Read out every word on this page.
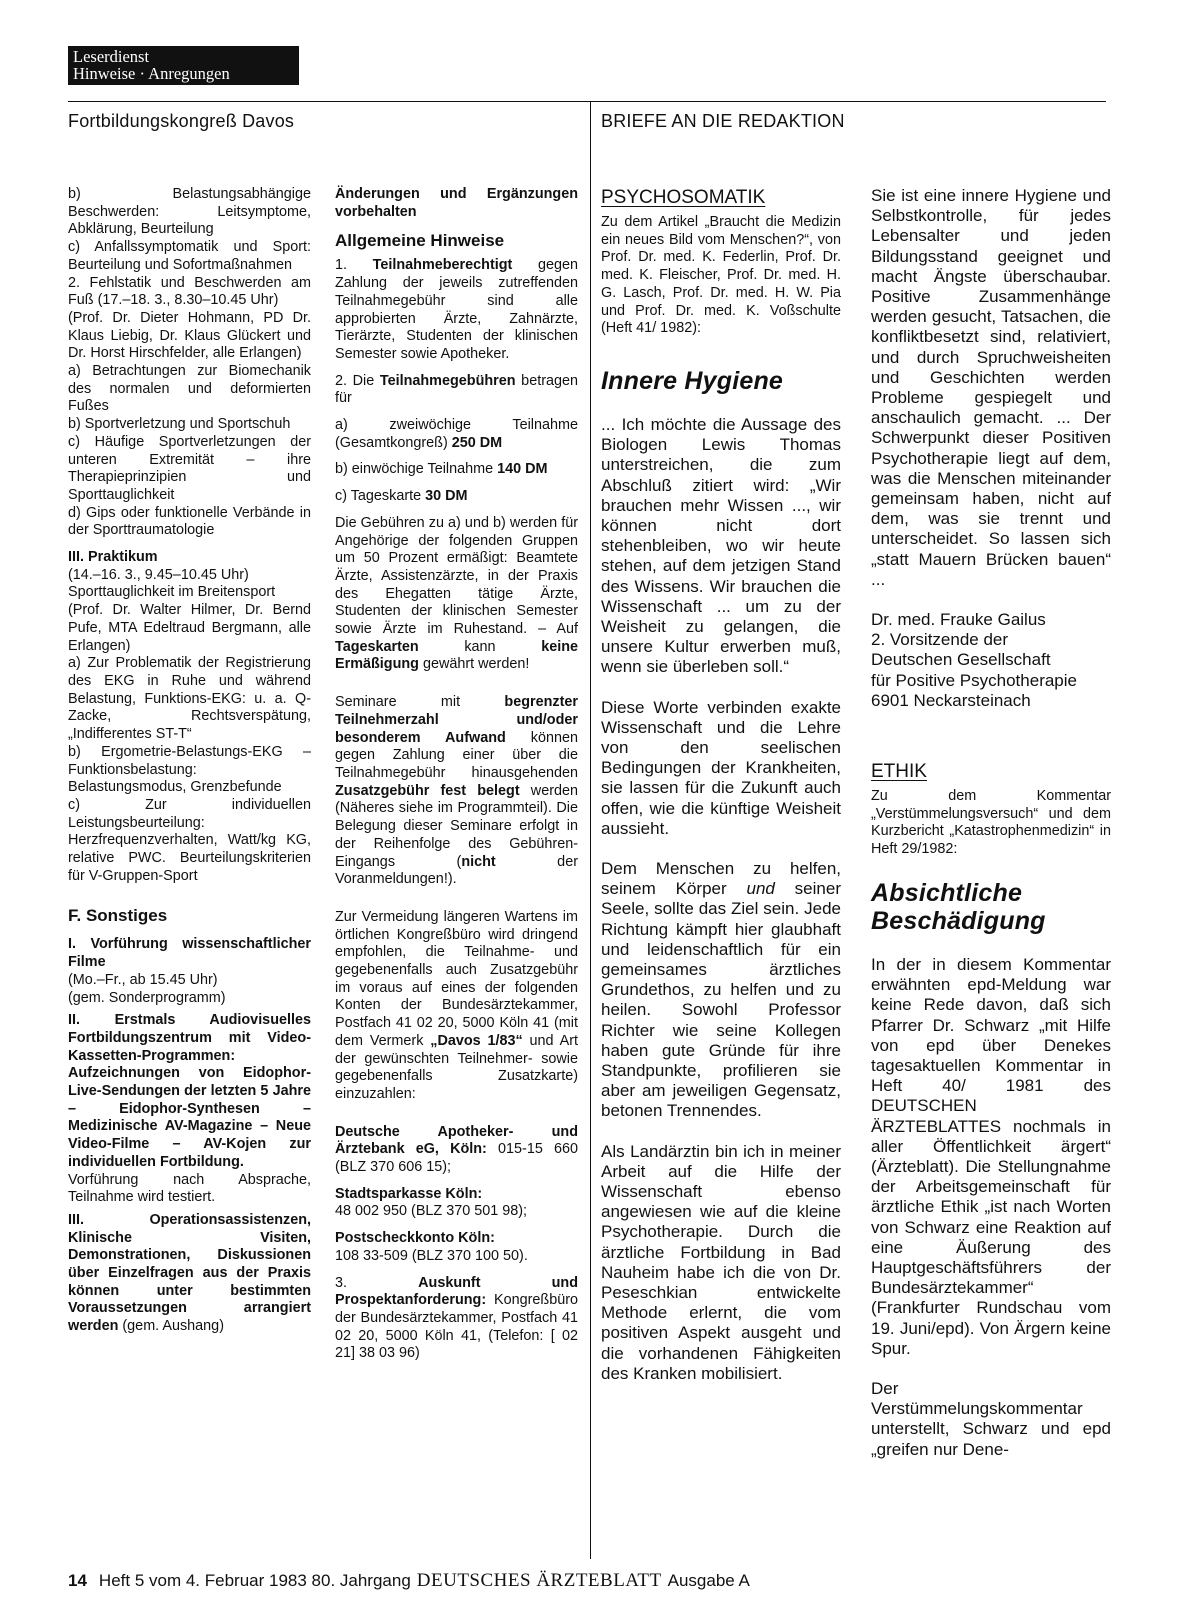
Leserdienst
Hinweise · Anregungen
Fortbildungskongreß Davos	BRIEFE AN DIE REDAKTION

b) Belastungsabhängige Beschwerden: Leitsymptome, Abklärung, Beurteilung

c) Anfallssymptomatik und Sport: Beurteilung und Sofortmaßnahmen

2. Fehlstatik und Beschwerden am Fuß (17.–18. 3., 8.30–10.45 Uhr)

(Prof. Dr. Dieter Hohmann, PD Dr. Klaus Liebig, Dr. Klaus Glückert und Dr. Horst Hirschfelder, alle Erlangen)

a) Betrachtungen zur Biomechanik des normalen und deformierten Fußes

b) Sportverletzung und Sportschuh

c) Häufige Sportverletzungen der unteren Extremität – ihre Therapieprinzipien und Sporttauglichkeit

d) Gips oder funktionelle Verbände in der Sporttraumatologie

III. Praktikum

(14.–16. 3., 9.45–10.45 Uhr)

Sporttauglichkeit im Breitensport

(Prof. Dr. Walter Hilmer, Dr. Bernd Pufe, MTA Edeltraud Bergmann, alle Erlangen)

a) Zur Problematik der Registrierung des EKG in Ruhe und während Belastung, Funktions-EKG: u. a. Q-Zacke, Rechtsverspätung, „Indifferentes ST-T“

b) Ergometrie-Belastungs-EKG – Funktionsbelastung: Belastungsmodus, Grenzbefunde

c) Zur individuellen Leistungsbeurteilung: Herzfrequenzverhalten, Watt/kg KG, relative PWC. Beurteilungskriterien für V-Gruppen-Sport

F. Sonstiges

I. Vorführung wissenschaftlicher Filme

(Mo.–Fr., ab 15.45 Uhr)

(gem. Sonderprogramm)

II. Erstmals Audiovisuelles Fortbildungszentrum mit Video-Kassetten-Programmen:

Aufzeichnungen von Eidophor-Live-Sendungen der letzten 5 Jahre – Eidophor-Synthesen – Medizinische AV-Magazine – Neue Video-Filme – AV-Kojen zur individuellen Fortbildung.

Vorführung nach Absprache, Teilnahme wird testiert.

III. Operationsassistenzen, Klinische Visiten, Demonstrationen, Diskussionen über Einzelfragen aus der Praxis können unter bestimmten Voraussetzungen arrangiert werden (gem. Aushang)

Änderungen und Ergänzungen vorbehalten

Allgemeine Hinweise

1. Teilnahmeberechtigt gegen Zahlung der jeweils zutreffenden Teilnahmegebühr sind alle approbierten Ärzte, Zahnärzte, Tierärzte, Studenten der klinischen Semester sowie Apotheker.

2. Die Teilnahmegebühren betragen für

a) zweiwöchige Teilnahme (Gesamtkongreß) 250 DM

b) einwöchige Teilnahme 140 DM

c) Tageskarte 30 DM

Die Gebühren zu a) und b) werden für Angehörige der folgenden Gruppen um 50 Prozent ermäßigt: Beamtete Ärzte, Assistenzärzte, in der Praxis des Ehegatten tätige Ärzte, Studenten der klinischen Semester sowie Ärzte im Ruhestand. – Auf Tageskarten kann keine Ermäßigung gewährt werden!

Seminare mit begrenzter Teilnehmerzahl und/oder besonderem Aufwand können gegen Zahlung einer über die Teilnahmegebühr hinausgehenden Zusatzgebühr fest belegt werden (Näheres siehe im Programmteil). Die Belegung dieser Seminare erfolgt in der Reihenfolge des Gebühren-Eingangs (nicht der Voranmeldungen!).

Zur Vermeidung längeren Wartens im örtlichen Kongreßbüro wird dringend empfohlen, die Teilnahme- und gegebenenfalls auch Zusatzgebühr im voraus auf eines der folgenden Konten der Bundesärztekammer, Postfach 41 02 20, 5000 Köln 41 (mit dem Vermerk „Davos 1/83“ und Art der gewünschten Teilnehmer- sowie gegebenenfalls Zusatzkarte) einzuzahlen:

Deutsche Apotheker- und Ärztebank eG, Köln: 015-15 660 (BLZ 370 606 15);

Stadtsparkasse Köln:

48 002 950 (BLZ 370 501 98);

Postscheckkonto Köln:

108 33-509 (BLZ 370 100 50).

3. Auskunft und Prospektanforderung: Kongreßbüro der Bundesärztekammer, Postfach 41 02 20, 5000 Köln 41, (Telefon: [ 02 21] 38 03 96)

PSYCHOSOMATIK

Zu dem Artikel „Braucht die Medizin ein neues Bild vom Menschen?“, von Prof. Dr. med. K. Federlin, Prof. Dr. med. K. Fleischer, Prof. Dr. med. H. G. Lasch, Prof. Dr. med. H. W. Pia und Prof. Dr. med. K. Voßschulte (Heft 41/ 1982):

Innere Hygiene

... Ich möchte die Aussage des Biologen Lewis Thomas unterstreichen, die zum Abschluß zitiert wird: „Wir brauchen mehr Wissen ..., wir können nicht dort stehenbleiben, wo wir heute stehen, auf dem jetzigen Stand des Wissens. Wir brauchen die Wissenschaft ... um zu der Weisheit zu gelangen, die unsere Kultur erwerben muß, wenn sie überleben soll.“

Diese Worte verbinden exakte Wissenschaft und die Lehre von den seelischen Bedingungen der Krankheiten, sie lassen für die Zukunft auch offen, wie die künftige Weisheit aussieht.

Dem Menschen zu helfen, seinem Körper und seiner Seele, sollte das Ziel sein. Jede Richtung kämpft hier glaubhaft und leidenschaftlich für ein gemeinsames ärztliches Grundethos, zu helfen und zu heilen. Sowohl Professor Richter wie seine Kollegen haben gute Gründe für ihre Standpunkte, profilieren sie aber am jeweiligen Gegensatz, betonen Trennendes.

Als Landärztin bin ich in meiner Arbeit auf die Hilfe der Wissenschaft ebenso angewiesen wie auf die kleine Psychotherapie. Durch die ärztliche Fortbildung in Bad Nauheim habe ich die von Dr. Peseschkian entwickelte Methode erlernt, die vom positiven Aspekt ausgeht und die vorhandenen Fähigkeiten des Kranken mobilisiert.

Sie ist eine innere Hygiene und Selbstkontrolle, für jedes Lebensalter und jeden Bildungsstand geeignet und macht Ängste überschaubar. Positive Zusammenhänge werden gesucht, Tatsachen, die konfliktbesetzt sind, relativiert, und durch Spruchweisheiten und Geschichten werden Probleme gespiegelt und anschaulich gemacht. ... Der Schwerpunkt dieser Positiven Psychotherapie liegt auf dem, was die Menschen miteinander gemeinsam haben, nicht auf dem, was sie trennt und unterscheidet. So lassen sich „statt Mauern Brücken bauen“ ...

Dr. med. Frauke Gailus

2. Vorsitzende der

Deutschen Gesellschaft

für Positive Psychotherapie

6901 Neckarsteinach

ETHIK

Zu dem Kommentar „Verstümmelungsversuch“ und dem Kurzbericht „Katastrophenmedizin“ in Heft 29/1982:

Absichtliche

Beschädigung

In der in diesem Kommentar erwähnten epd-Meldung war keine Rede davon, daß sich Pfarrer Dr. Schwarz „mit Hilfe von epd über Denekes tagesaktuellen Kommentar in Heft 40/ 1981 des DEUTSCHEN ÄRZTEBLATTES nochmals in aller Öffentlichkeit ärgert“ (Ärzteblatt). Die Stellungnahme der Arbeitsgemeinschaft für ärztliche Ethik „ist nach Worten von Schwarz eine Reaktion auf eine Äußerung des Hauptgeschäftsführers der Bundesärztekammer“ (Frankfurter Rundschau vom 19. Juni/epd). Von Ärgern keine Spur.

Der Verstümmelungskommentar unterstellt, Schwarz und epd „greifen nur Dene-

14 Heft 5 vom 4. Februar 1983 80. Jahrgang DEUTSCHES ÄRZTEBLATT Ausgabe A
